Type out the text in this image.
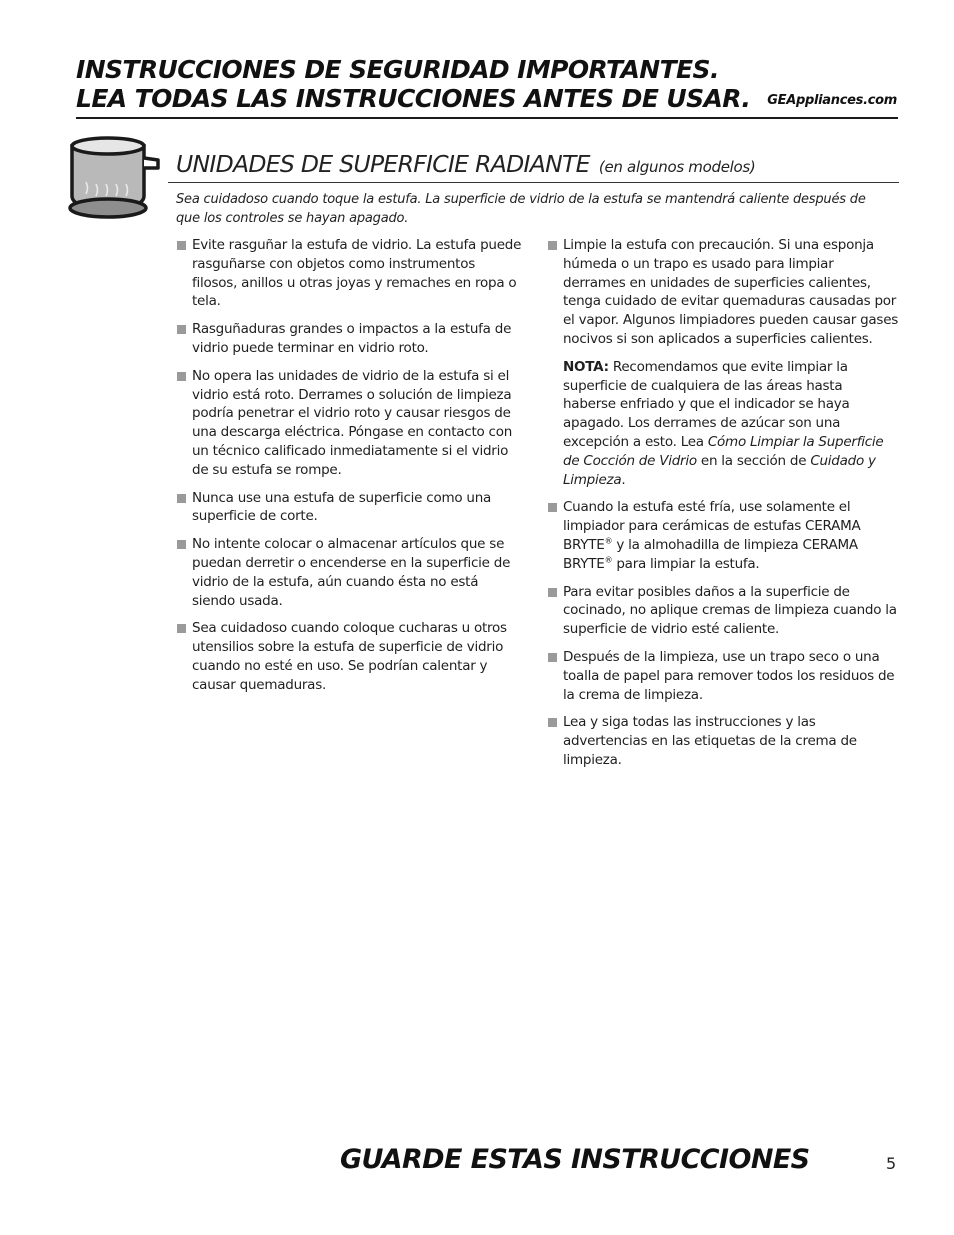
INSTRUCCIONES DE SEGURIDAD IMPORTANTES.
LEA TODAS LAS INSTRUCCIONES ANTES DE USAR.	GEAppliances.com
UNIDADES DE SUPERFICIE RADIANTE (en algunos modelos)
Sea cuidadoso cuando toque la estufa. La superficie de vidrio de la estufa se mantendrá caliente después de que los controles se hayan apagado.
Evite rasguñar la estufa de vidrio. La estufa puede rasguñarse con objetos como instrumentos filosos, anillos u otras joyas y remaches en ropa o tela.
Rasguñaduras grandes o impactos a la estufa de vidrio puede terminar en vidrio roto.
No opera las unidades de vidrio de la estufa si el vidrio está roto. Derrames o solución de limpieza podría penetrar el vidrio roto y causar riesgos de una descarga eléctrica. Póngase en contacto con un técnico calificado inmediatamente si el vidrio de su estufa se rompe.
Nunca use una estufa de superficie como una superficie de corte.
No intente colocar o almacenar artículos que se puedan derretir o encenderse en la superficie de vidrio de la estufa, aún cuando ésta no está siendo usada.
Sea cuidadoso cuando coloque cucharas u otros utensilios sobre la estufa de superficie de vidrio cuando no esté en uso. Se podrían calentar y causar quemaduras.
Limpie la estufa con precaución. Si una esponja húmeda o un trapo es usado para limpiar derrames en unidades de superficies calientes, tenga cuidado de evitar quemaduras causadas por el vapor. Algunos limpiadores pueden causar gases nocivos si son aplicados a superficies calientes.
NOTA: Recomendamos que evite limpiar la superficie de cualquiera de las áreas hasta haberse enfriado y que el indicador se haya apagado. Los derrames de azúcar son una excepción a esto. Lea Cómo Limpiar la Superficie de Cocción de Vidrio en la sección de Cuidado y Limpieza.
Cuando la estufa esté fría, use solamente el limpiador para cerámicas de estufas CERAMA BRYTE® y la almohadilla de limpieza CERAMA BRYTE® para limpiar la estufa.
Para evitar posibles daños a la superficie de cocinado, no aplique cremas de limpieza cuando la superficie de vidrio esté caliente.
Después de la limpieza, use un trapo seco o una toalla de papel para remover todos los residuos de la crema de limpieza.
Lea y siga todas las instrucciones y las advertencias en las etiquetas de la crema de limpieza.
GUARDE ESTAS INSTRUCCIONES	5
